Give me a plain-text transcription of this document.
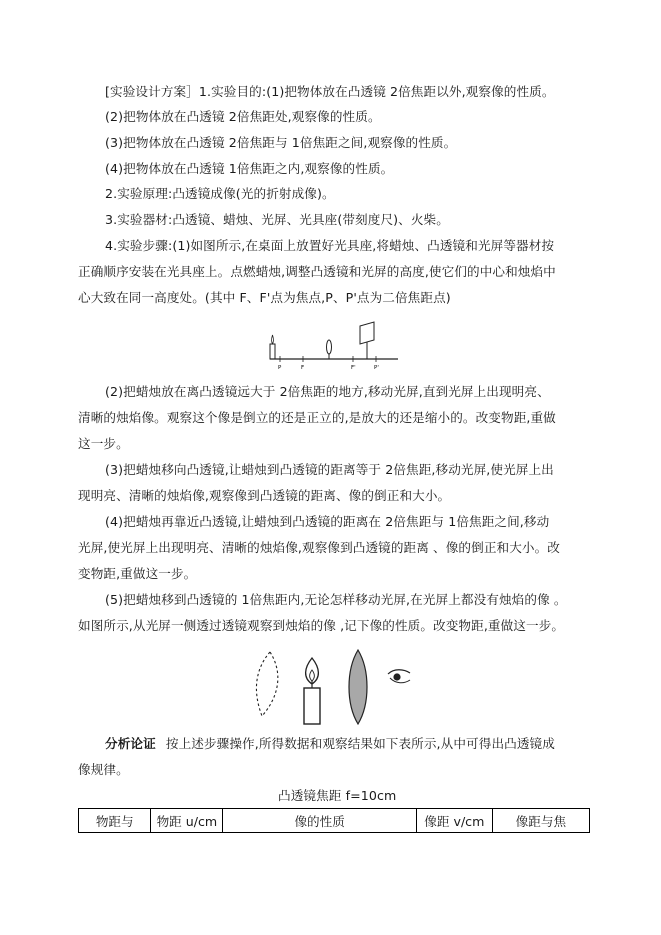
[实验设计方案］1.实验目的:(1)把物体放在凸透镜 2倍焦距以外,观察像的性质。
(2)把物体放在凸透镜 2倍焦距处,观察像的性质。
(3)把物体放在凸透镜 2倍焦距与 1倍焦距之间,观察像的性质。
(4)把物体放在凸透镜 1倍焦距之内,观察像的性质。
2.实验原理:凸透镜成像(光的折射成像)。
3.实验器材:凸透镜、蜡烛、光屏、光具座(带刻度尺)、火柴。
4.实验步骤:(1)如图所示,在桌面上放置好光具座,将蜡烛、凸透镜和光屏等器材按
正确顺序安装在光具座上。点燃蜡烛,调整凸透镜和光屏的高度,使它们的中心和烛焰中
心大致在同一高度处。(其中 F、F'点为焦点,P、P'点为二倍焦距点)
P	F	F'	P'
(2)把蜡烛放在离凸透镜远大于 2倍焦距的地方,移动光屏,直到光屏上出现明亮、
清晰的烛焰像。观察这个像是倒立的还是正立的,是放大的还是缩小的。改变物距,重做
这一步。
(3)把蜡烛移向凸透镜,让蜡烛到凸透镜的距离等于 2倍焦距,移动光屏,使光屏上出
现明亮、清晰的烛焰像,观察像到凸透镜的距离、像的倒正和大小。
(4)把蜡烛再靠近凸透镜,让蜡烛到凸透镜的距离在 2倍焦距与 1倍焦距之间,移动
光屏,使光屏上出现明亮、清晰的烛焰像,观察像到凸透镜的距离 、像的倒正和大小。改
变物距,重做这一步。
(5)把蜡烛移到凸透镜的 1倍焦距内,无论怎样移动光屏,在光屏上都没有烛焰的像 。
如图所示,从光屏一侧透过透镜观察到烛焰的像 ,记下像的性质。改变物距,重做这一步。
分析论证 按上述步骤操作,所得数据和观察结果如下表所示,从中可得出凸透镜成
像规律。
凸透镜焦距 f=10cm
物距与	物距 u/cm	像的性质	像距 v/cm	像距与焦
